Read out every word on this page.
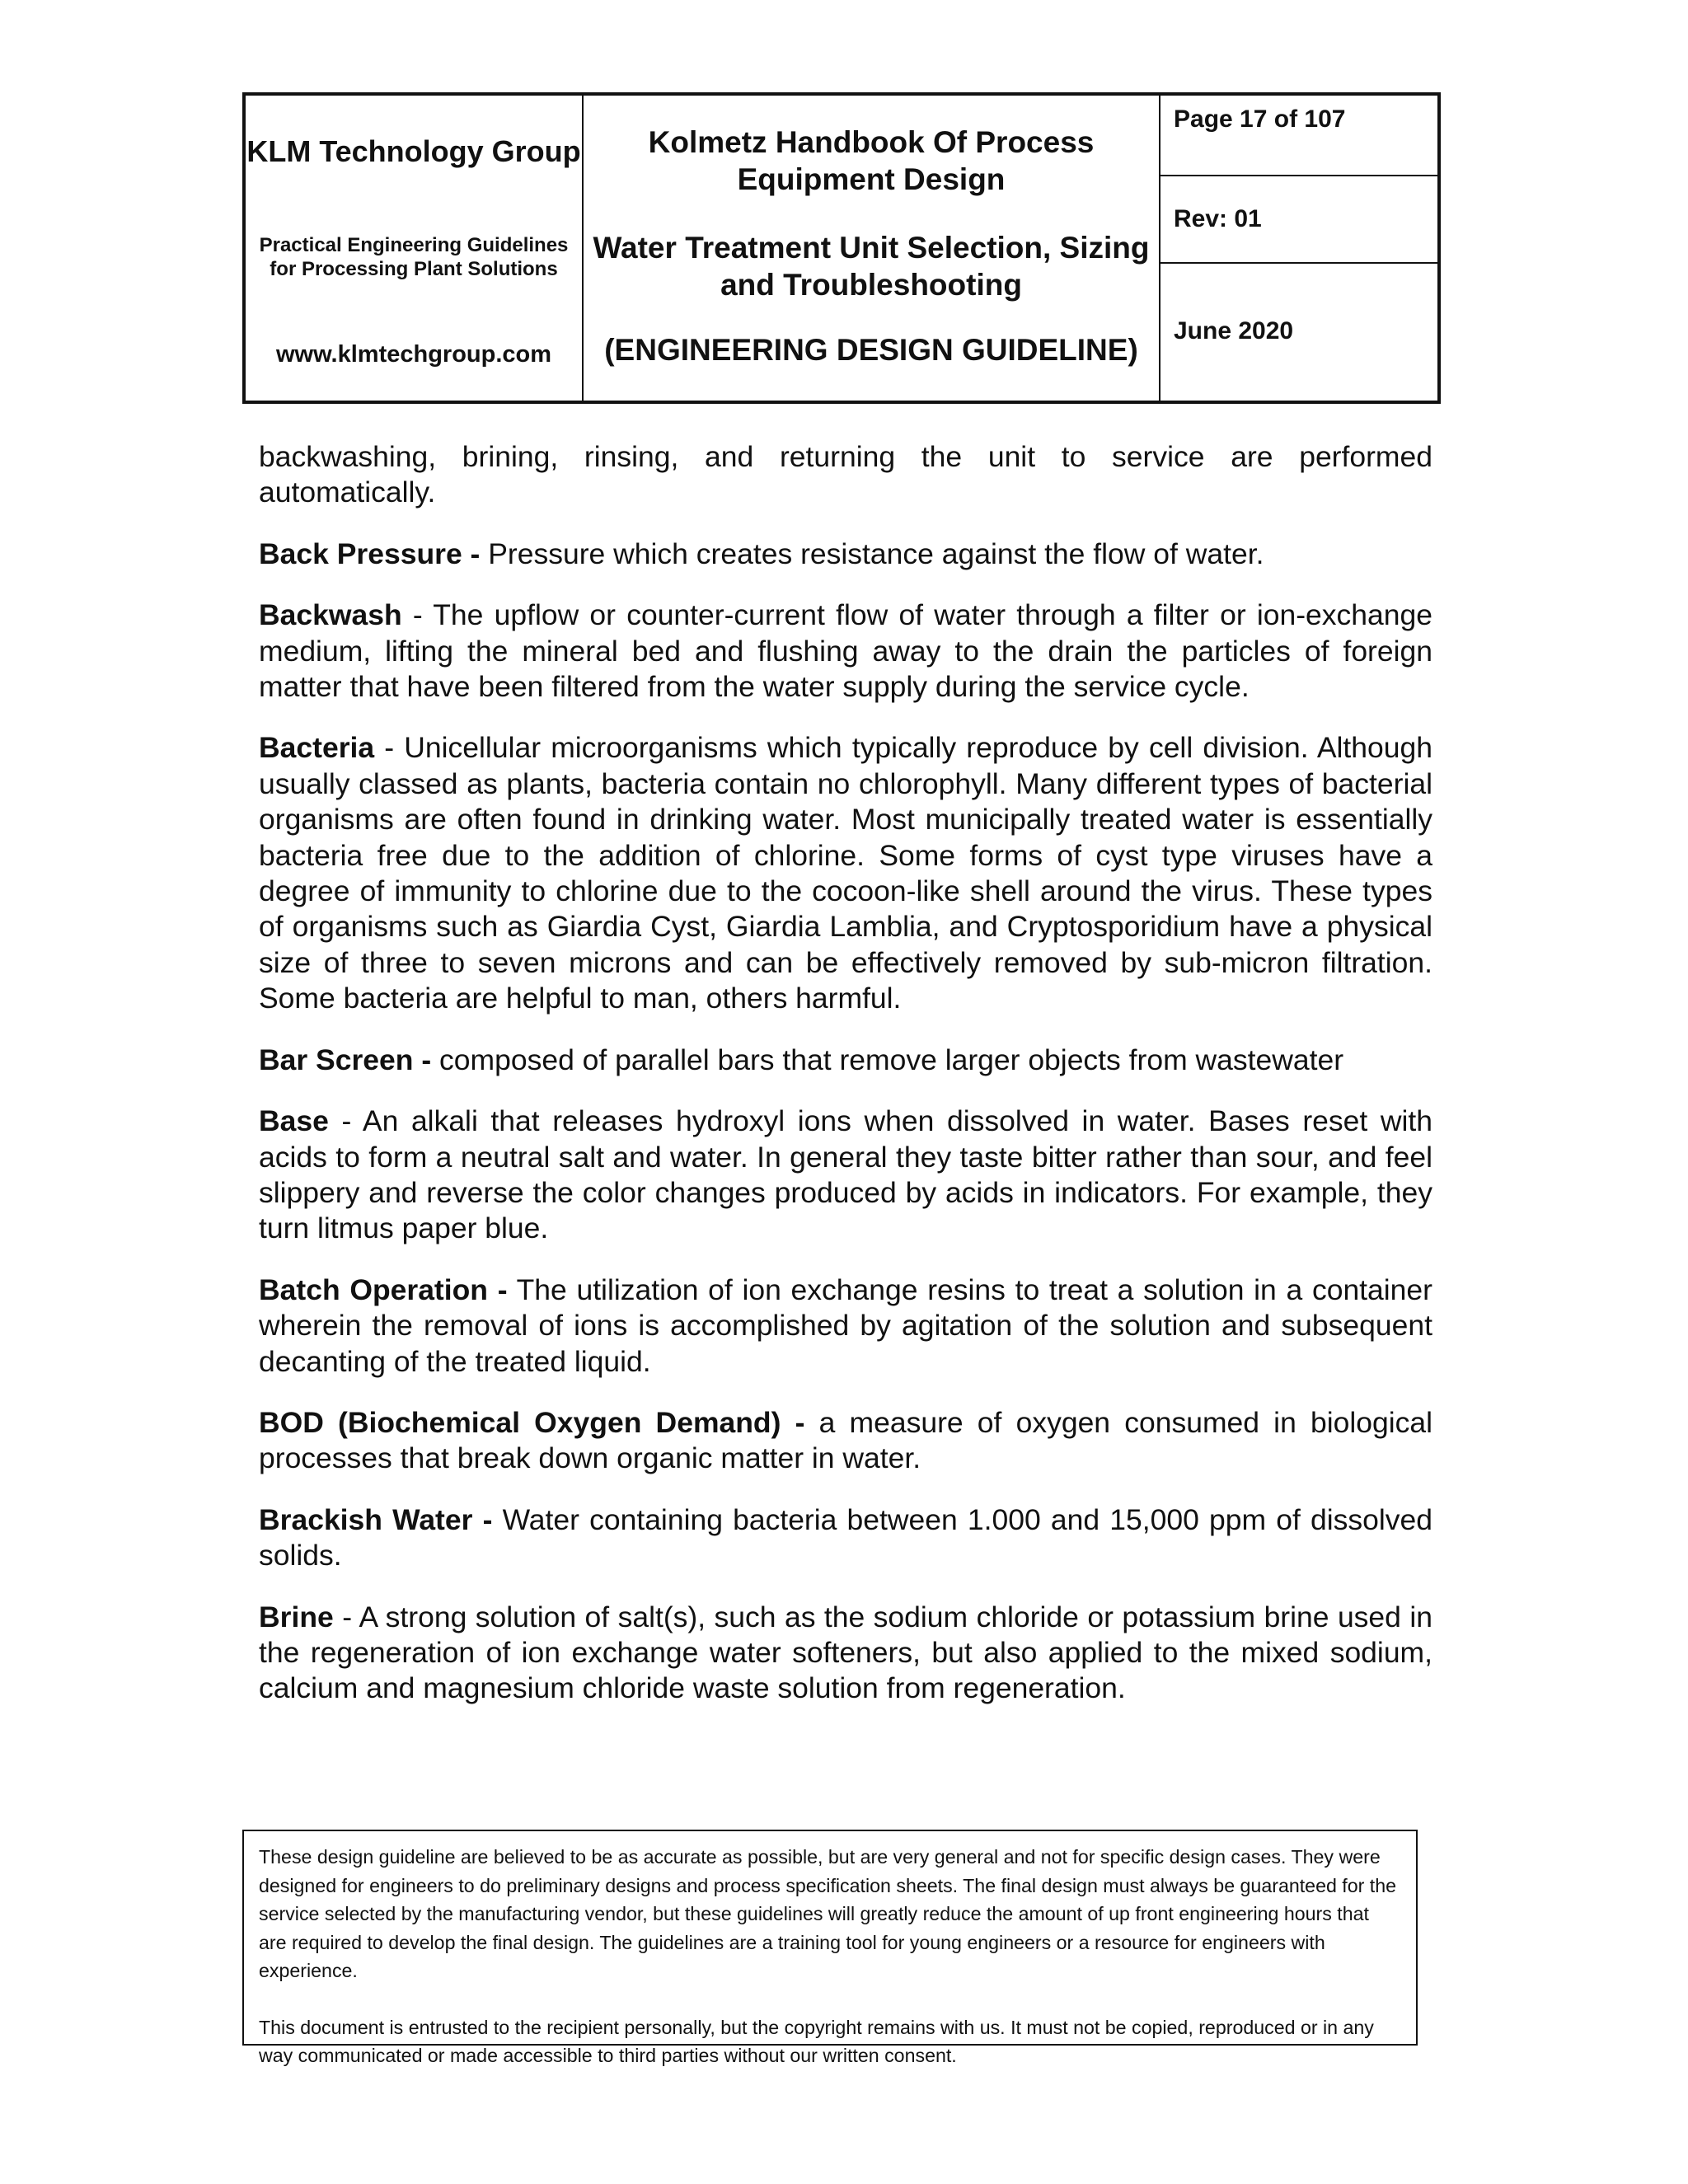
KLM Technology Group
Practical Engineering Guidelines for Processing Plant Solutions
www.klmtechgroup.com
Kolmetz Handbook Of Process Equipment Design
Water Treatment Unit Selection, Sizing and Troubleshooting
(ENGINEERING DESIGN GUIDELINE)
Page 17 of 107
Rev: 01
June 2020

backwashing, brining, rinsing, and returning the unit to service are performed automatically.

Back Pressure - Pressure which creates resistance against the flow of water.

Backwash - The upflow or counter-current flow of water through a filter or ion-exchange medium, lifting the mineral bed and flushing away to the drain the particles of foreign matter that have been filtered from the water supply during the service cycle.

Bacteria - Unicellular microorganisms which typically reproduce by cell division. Although usually classed as plants, bacteria contain no chlorophyll. Many different types of bacterial organisms are often found in drinking water. Most municipally treated water is essentially bacteria free due to the addition of chlorine. Some forms of cyst type viruses have a degree of immunity to chlorine due to the cocoon-like shell around the virus. These types of organisms such as Giardia Cyst, Giardia Lamblia, and Cryptosporidium have a physical size of three to seven microns and can be effectively removed by sub-micron filtration. Some bacteria are helpful to man, others harmful.

Bar Screen - composed of parallel bars that remove larger objects from wastewater

Base - An alkali that releases hydroxyl ions when dissolved in water. Bases reset with acids to form a neutral salt and water. In general they taste bitter rather than sour, and feel slippery and reverse the color changes produced by acids in indicators. For example, they turn litmus paper blue.

Batch Operation - The utilization of ion exchange resins to treat a solution in a container wherein the removal of ions is accomplished by agitation of the solution and subsequent decanting of the treated liquid.

BOD (Biochemical Oxygen Demand) - a measure of oxygen consumed in biological processes that break down organic matter in water.

Brackish Water - Water containing bacteria between 1.000 and 15,000 ppm of dissolved solids.

Brine - A strong solution of salt(s), such as the sodium chloride or potassium brine used in the regeneration of ion exchange water softeners, but also applied to the mixed sodium, calcium and magnesium chloride waste solution from regeneration.

These design guideline are believed to be as accurate as possible, but are very general and not for specific design cases. They were designed for engineers to do preliminary designs and process specification sheets. The final design must always be guaranteed for the service selected by the manufacturing vendor, but these guidelines will greatly reduce the amount of up front engineering hours that are required to develop the final design. The guidelines are a training tool for young engineers or a resource for engineers with experience.

This document is entrusted to the recipient personally, but the copyright remains with us. It must not be copied, reproduced or in any way communicated or made accessible to third parties without our written consent.
